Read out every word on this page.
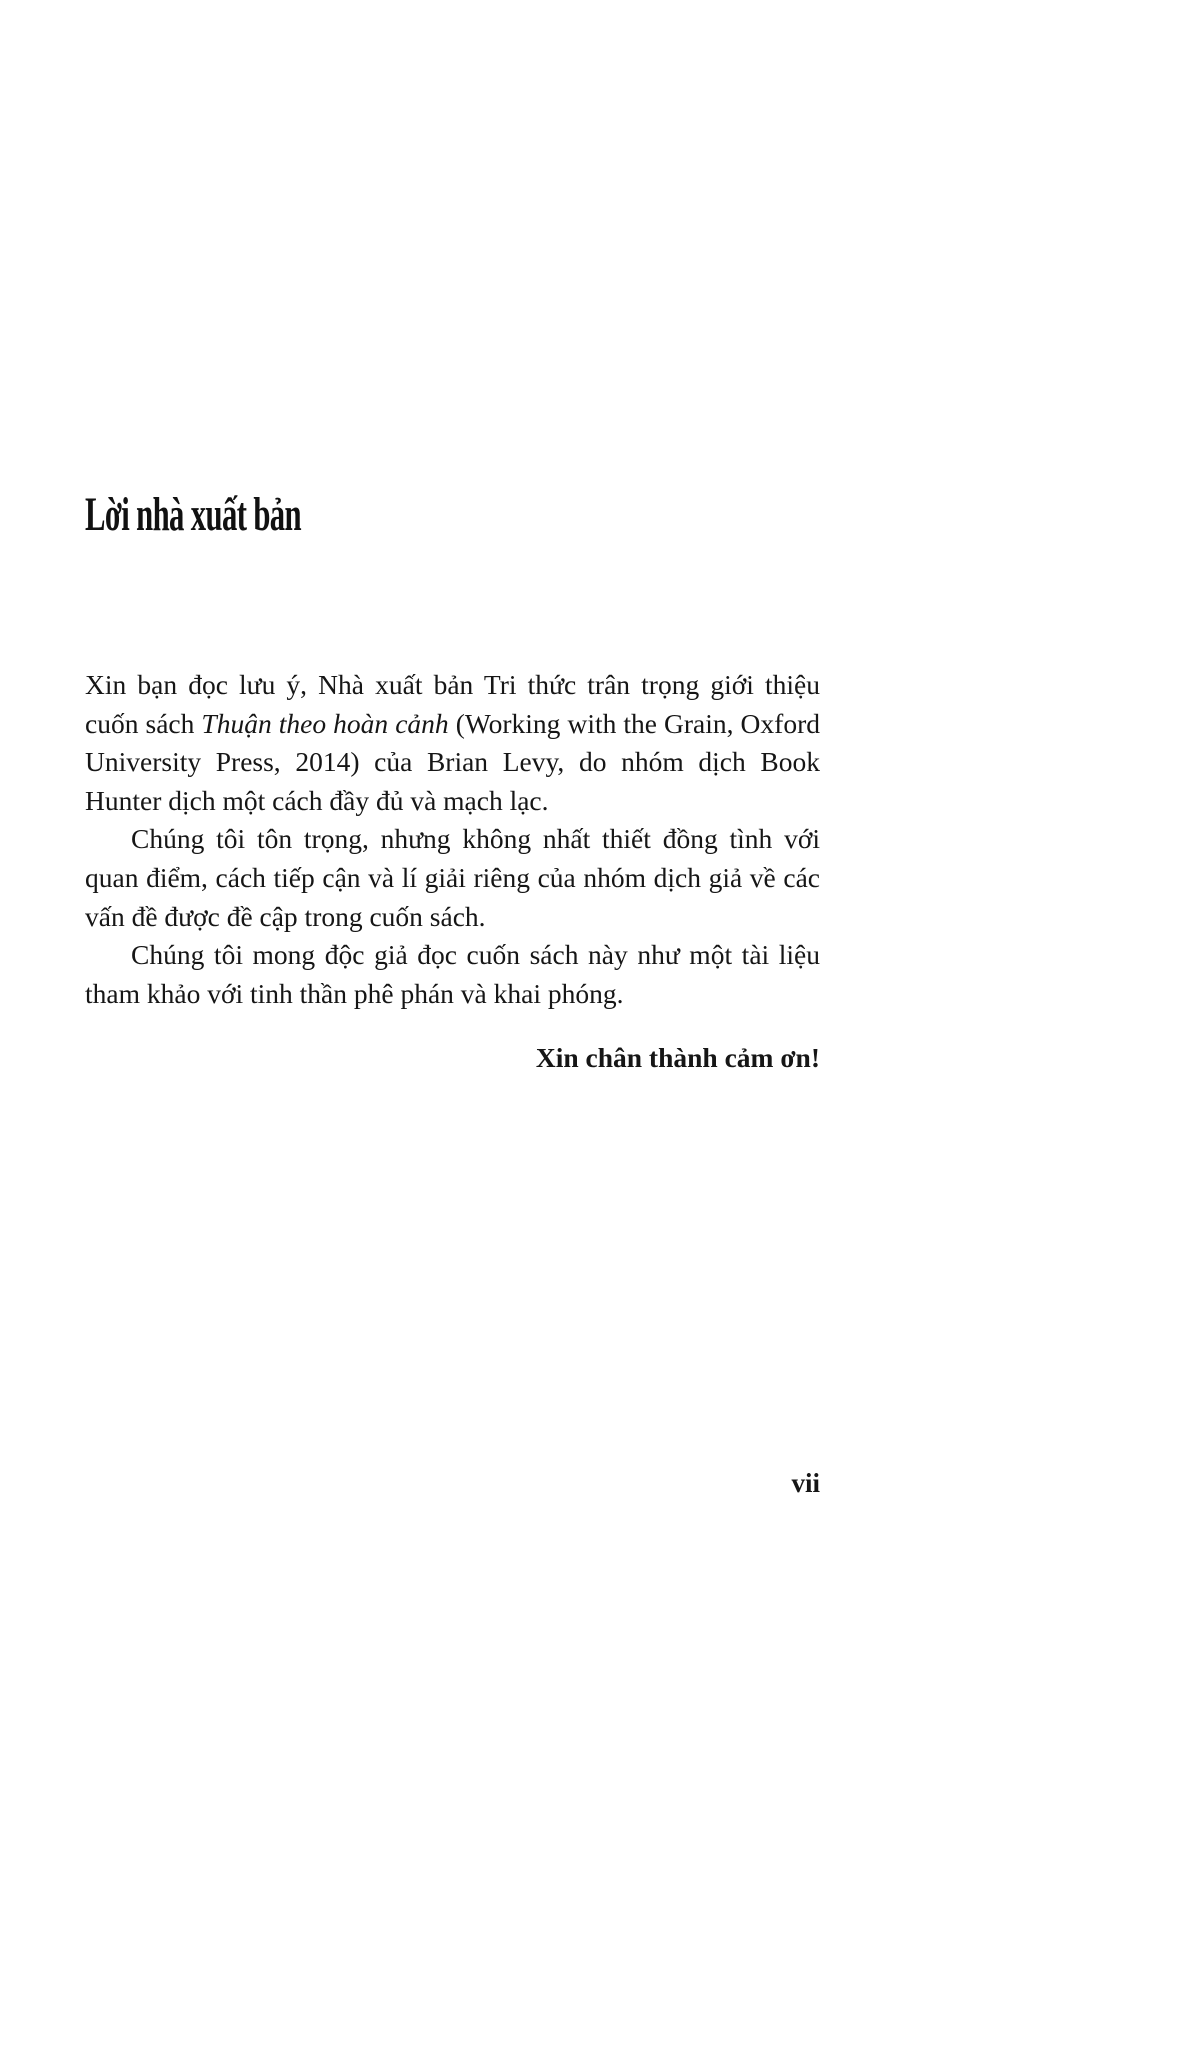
Lời nhà xuất bản

Xin bạn đọc lưu ý, Nhà xuất bản Tri thức trân trọng giới thiệu cuốn sách Thuận theo hoàn cảnh (Working with the Grain, Oxford University Press, 2014) của Brian Levy, do nhóm dịch Book Hunter dịch một cách đầy đủ và mạch lạc.

Chúng tôi tôn trọng, nhưng không nhất thiết đồng tình với quan điểm, cách tiếp cận và lí giải riêng của nhóm dịch giả về các vấn đề được đề cập trong cuốn sách.

Chúng tôi mong độc giả đọc cuốn sách này như một tài liệu tham khảo với tinh thần phê phán và khai phóng.

Xin chân thành cảm ơn!

vii
